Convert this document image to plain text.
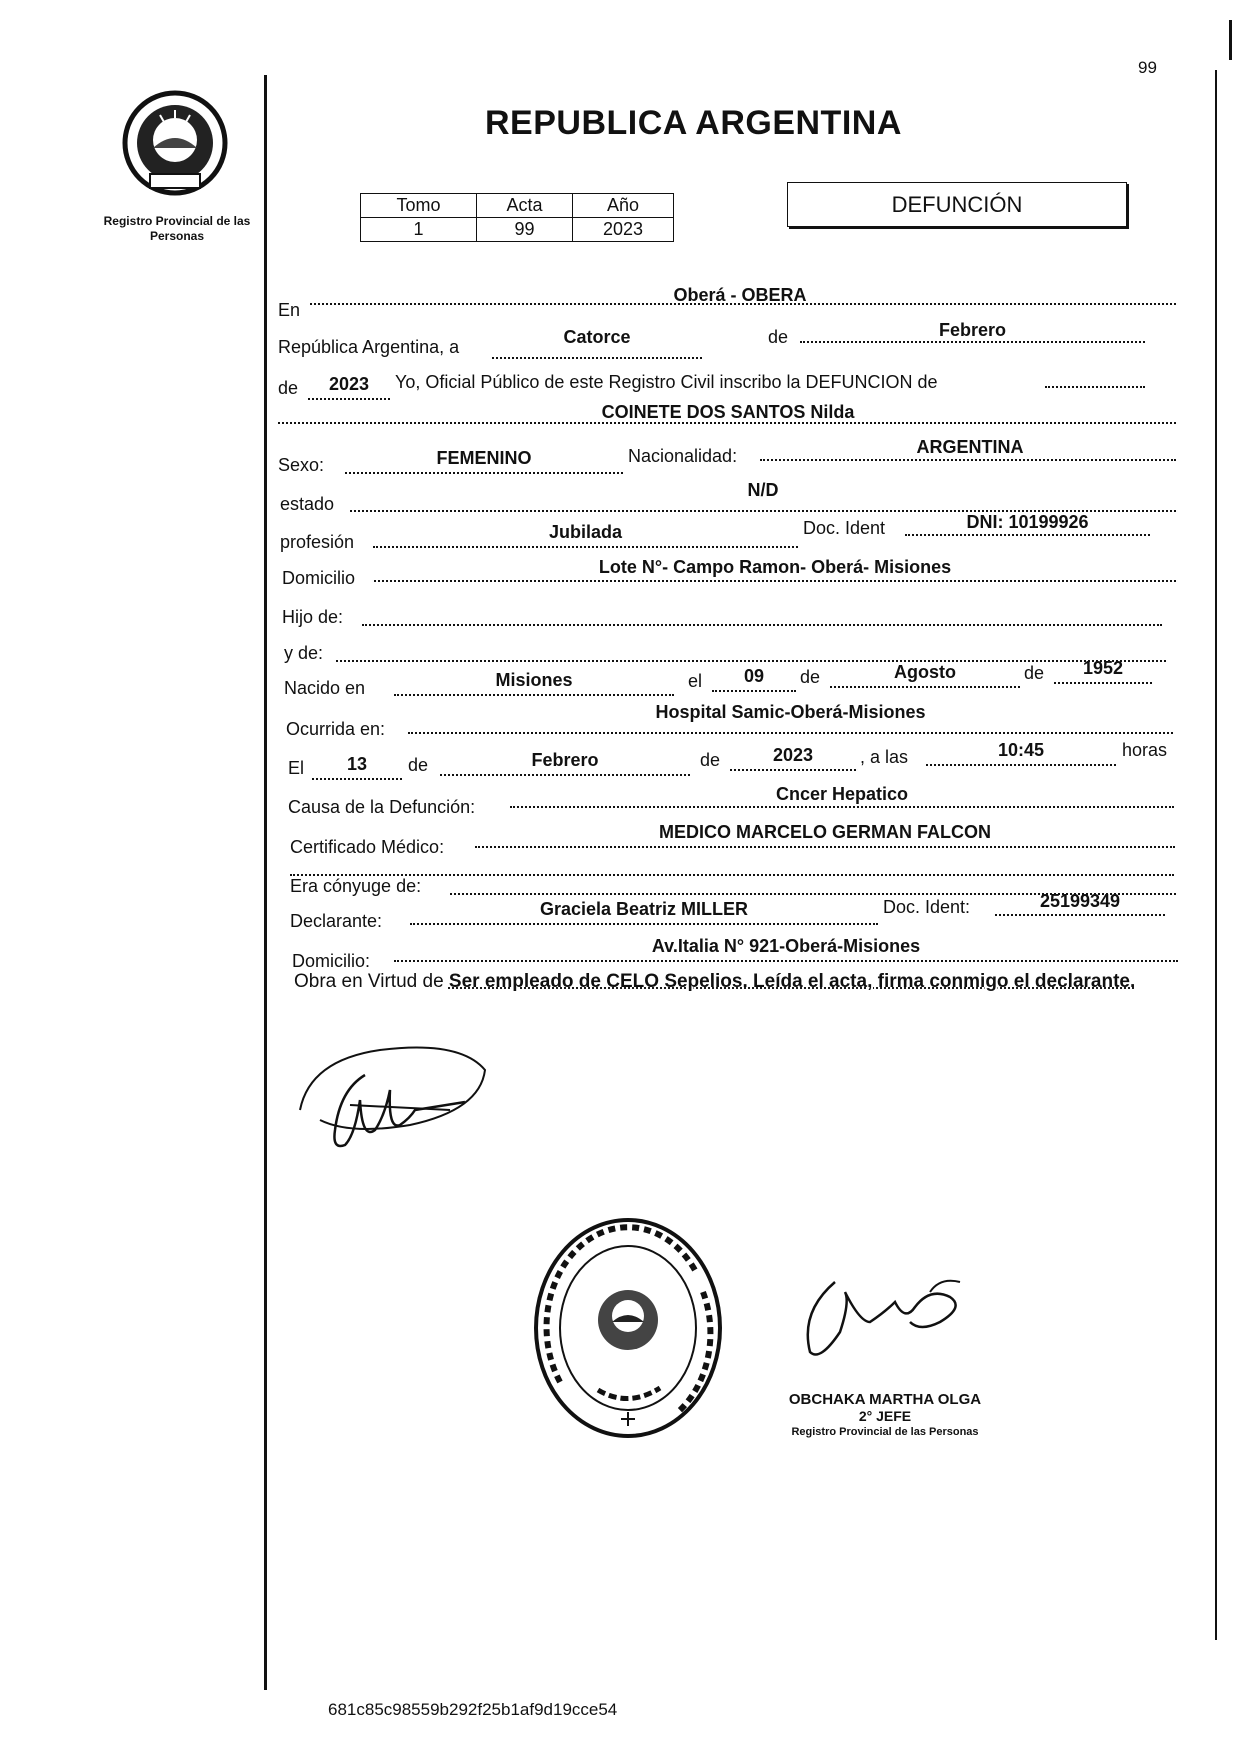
99
Registro Provincial de las Personas
REPUBLICA ARGENTINA
Tomo	Acta	Año
1	99	2023
DEFUNCIÓN
En
Oberá - OBERA
República Argentina, a	Catorce	de	Febrero
de	2023	Yo, Oficial Público de este Registro Civil inscribo la DEFUNCION de
COINETE DOS SANTOS Nilda
Sexo:	FEMENINO	Nacionalidad:	ARGENTINA
estado
N/D
profesión	Jubilada	Doc. Ident	DNI: 10199926
Domicilio
Lote N°- Campo Ramon- Oberá- Misiones
Hijo de:
y de:
Nacido en	Misiones	el	09	de	Agosto	de	1952
Ocurrida en:
Hospital Samic-Oberá-Misiones
El	13	de	Febrero	de	2023	, a las	10:45	horas
Causa de la Defunción:
Cncer Hepatico
Certificado Médico:
MEDICO MARCELO GERMAN FALCON
Era cónyuge de:
Declarante:
Graciela Beatriz MILLER	Doc. Ident:	25199349
Domicilio:
Av.Italia N° 921-Oberá-Misiones
Obra en Virtud de Ser empleado de CELO Sepelios. Leída el acta, firma conmigo el declarante.
OBCHAKA MARTHA OLGA
2° JEFE
Registro Provincial de las Personas
681c85c98559b292f25b1af9d19cce54
